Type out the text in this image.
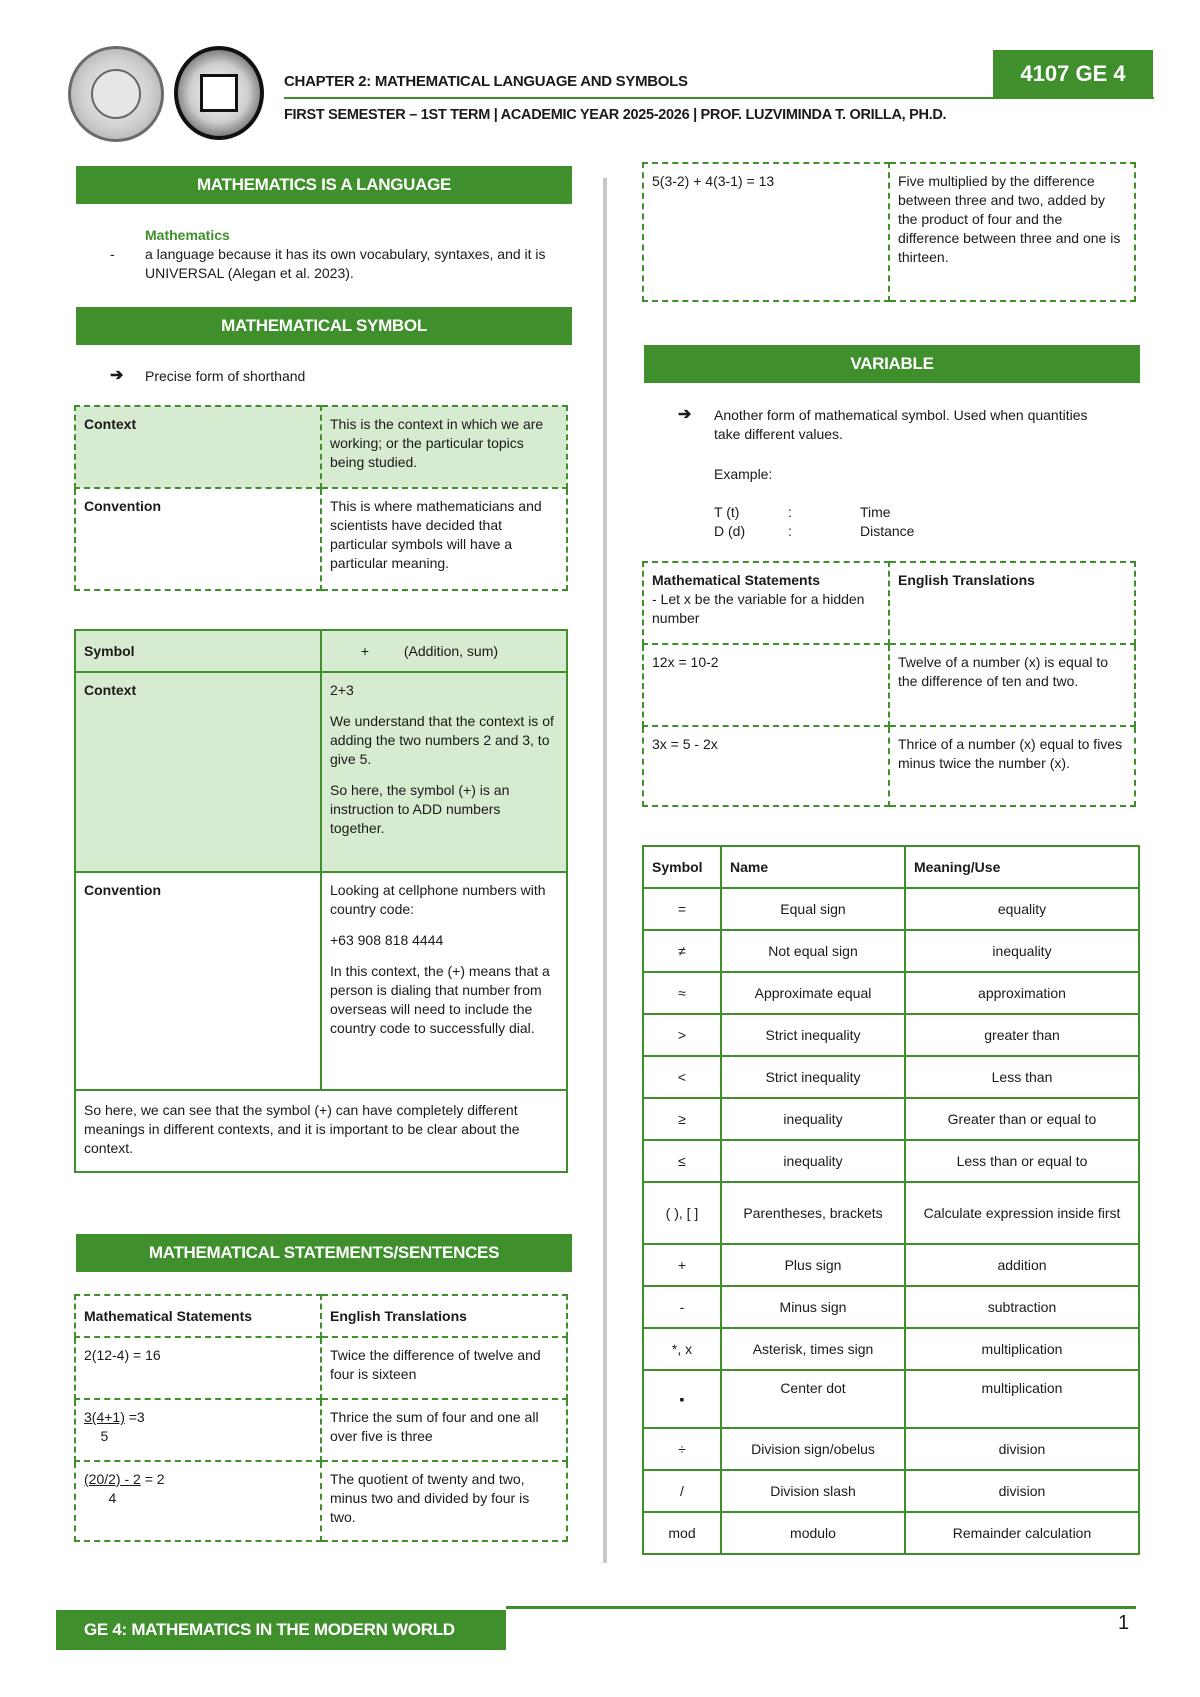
CHAPTER 2: MATHEMATICAL LANGUAGE AND SYMBOLS
FIRST SEMESTER – 1ST TERM | ACADEMIC YEAR 2025-2026 | PROF. LUZVIMINDA T. ORILLA, PH.D.
4107 GE 4
MATHEMATICS IS A LANGUAGE
Mathematics
- a language because it has its own vocabulary, syntaxes, and it is UNIVERSAL (Alegan et al. 2023).
MATHEMATICAL SYMBOL
➔ Precise form of shorthand
Context	This is the context in which we are working; or the particular topics being studied.
Convention	This is where mathematicians and scientists have decided that particular symbols will have a particular meaning.
Symbol	+ (Addition, sum)
Context	2+3
We understand that the context is of adding the two numbers 2 and 3, to give 5.
So here, the symbol (+) is an instruction to ADD numbers together.

Convention	Looking at cellphone numbers with country code:
+63 908 818 4444
In this context, the (+) means that a person is dialing that number from overseas will need to include the country code to successfully dial.

So here, we can see that the symbol (+) can have completely different meanings in different contexts, and it is important to be clear about the context.	
MATHEMATICAL STATEMENTS/SENTENCES
Mathematical Statements	English Translations
2(12-4) = 16	Twice the difference of twelve and four is sixteen

$\frac{3(4+1)}{5} =3$	Thrice the sum of four and one all over five is three

$\frac{(20/2) - 2}{4} = 2$	The quotient of twenty and two, minus two and divided by four is two.
5(3-2) + 4(3-1) = 13	Five multiplied by the difference between three and two, added by the product of four and the difference between three and one is thirteen.
VARIABLE
➔ Another form of mathematical symbol. Used when quantities take different values.
Example:
T (t)	:	Time
D (d)	:	Distance
Mathematical Statements
- Let x be the variable for a hidden number	English Translations
12x = 10-2	Twelve of a number (x) is equal to the difference of ten and two.
3x = 5 - 2x	Thrice of a number (x) equal to fives minus twice the number (x).
Symbol	Name	Meaning/Use
=	Equal sign	equality
≠	Not equal sign	inequality
≈	Approximate equal	approximation
>	Strict inequality	greater than
<	Strict inequality	Less than
≥	inequality	Greater than or equal to
≤	inequality	Less than or equal to
( ), [ ]	Parentheses, brackets	Calculate expression inside first
+	Plus sign	addition
-	Minus sign	subtraction
*, x	Asterisk, times sign	multiplication
▪	Center dot	multiplication
÷	Division sign/obelus	division
/	Division slash	division
mod	modulo	Remainder calculation
GE 4: MATHEMATICS IN THE MODERN WORLD	1
